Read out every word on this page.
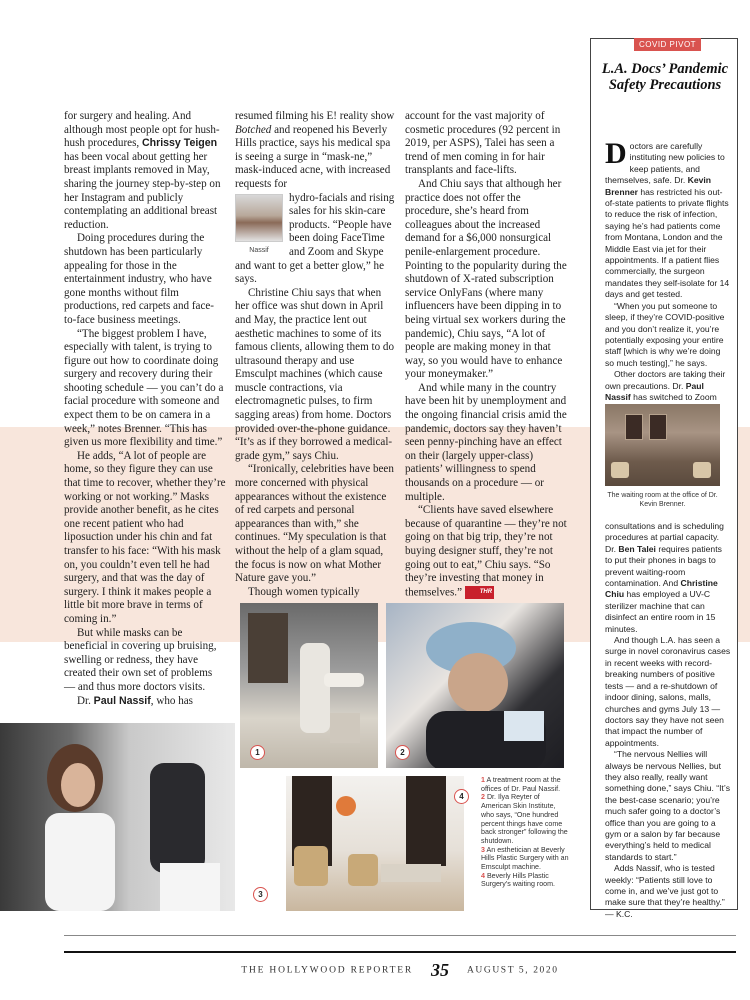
for surgery and healing. And although most people opt for hush-hush procedures, Chrissy Teigen has been vocal about getting her breast implants removed in May, sharing the journey step-by-step on her Instagram and publicly contemplating an additional breast reduction.

Doing procedures during the shutdown has been particularly appealing for those in the entertainment industry, who have gone months without film productions, red carpets and face-to-face business meetings.

“The biggest problem I have, especially with talent, is trying to figure out how to coordinate doing surgery and recovery during their shooting schedule — you can’t do a facial procedure with someone and expect them to be on camera in a week,” notes Brenner. “This has given us more flexibility and time.”

He adds, “A lot of people are home, so they figure they can use that time to recover, whether they’re working or not working.” Masks provide another benefit, as he cites one recent patient who had liposuction under his chin and fat transfer to his face: “With his mask on, you couldn’t even tell he had surgery, and that was the day of surgery. I think it makes people a little bit more brave in terms of coming in.”

But while masks can be beneficial in covering up bruising, swelling or redness, they have created their own set of problems — and thus more doctors visits.

Dr. Paul Nassif, who has

resumed filming his E! reality show Botched and reopened his Beverly Hills practice, says his medical spa is seeing a surge in “mask-ne,” mask-induced acne, with increased requests for

Nassif

hydro-facials and rising sales for his skin-care products. “People have been doing FaceTime and Zoom and Skype and want to get a better glow,” he says.

Christine Chiu says that when her office was shut down in April and May, the practice lent out aesthetic machines to some of its famous clients, allowing them to do ultrasound therapy and use Emsculpt machines (which cause muscle contractions, via electromagnetic pulses, to firm sagging areas) from home. Doctors provided over-the-phone guidance. “It’s as if they borrowed a medical-grade gym,” says Chiu.

“Ironically, celebrities have been more concerned with physical appearances without the existence of red carpets and personal appearances than with,” she continues. “My speculation is that without the help of a glam squad, the focus is now on what Mother Nature gave you.”

Though women typically

account for the vast majority of cosmetic procedures (92 percent in 2019, per ASPS), Talei has seen a trend of men coming in for hair transplants and face-lifts.

And Chiu says that although her practice does not offer the procedure, she’s heard from colleagues about the increased demand for a $6,000 nonsurgical penile-enlargement procedure. Pointing to the popularity during the shutdown of X-rated subscription service OnlyFans (where many influencers have been dipping in to being virtual sex workers during the pandemic), Chiu says, “A lot of people are making money in that way, so you would have to enhance your moneymaker.”

And while many in the country have been hit by unemployment and the ongoing financial crisis amid the pandemic, doctors say they haven’t seen penny-pinching have an effect on their (largely upper-class) patients’ willingness to spend thousands on a procedure — or multiple.

“Clients have saved elsewhere because of quarantine — they’re not going on that big trip, they’re not buying designer stuff, they’re not going out to eat,” Chiu says. “So they’re investing that money in themselves.”	THR

COVID PIVOT
L.A. Docs’ Pandemic Safety Precautions
D octors are carefully instituting new policies to keep patients, and themselves, safe. Dr. Kevin Brenner has restricted his out-of-state patients to private flights to reduce the risk of infection, saying he’s had patients come from Montana, London and the Middle East via jet for their appointments. If a patient flies commercially, the surgeon mandates they self-isolate for 14 days and get tested.

“When you put someone to sleep, if they’re COVID-positive and you don’t realize it, you’re potentially exposing your entire staff [which is why we’re doing so much testing],” he says.

Other doctors are taking their own precautions. Dr. Paul Nassif has switched to Zoom

The waiting room at the office of Dr. Kevin Brenner.

consultations and is scheduling procedures at partial capacity. Dr. Ben Talei requires patients to put their phones in bags to prevent waiting-room contamination. And Christine Chiu has employed a UV-C sterilizer machine that can disinfect an entire room in 15 minutes.

And though L.A. has seen a surge in novel coronavirus cases in recent weeks with record-breaking numbers of positive tests — and a re-shutdown of indoor dining, salons, malls, churches and gyms July 13 — doctors say they have not seen that impact the number of appointments.

“The nervous Nellies will always be nervous Nellies, but they also really, really want something done,” says Chiu. “It’s the best-case scenario; you’re much safer going to a doctor’s office than you are going to a gym or a salon by far because everything’s held to medical standards to start.”

Adds Nassif, who is tested weekly: “Patients still love to come in, and we’ve just got to make sure that they’re healthy.” — K.C.

1	2
3
4
1 A treatment room at the offices of Dr. Paul Nassif.
2 Dr. Ilya Reyter of American Skin Institute, who says, “One hundred percent things have come back stronger” following the shutdown.
3 An esthetician at Beverly Hills Plastic Surgery with an Emsculpt machine.
4 Beverly Hills Plastic Surgery’s waiting room.
THE HOLLYWOOD REPORTER 35 AUGUST 5, 2020
